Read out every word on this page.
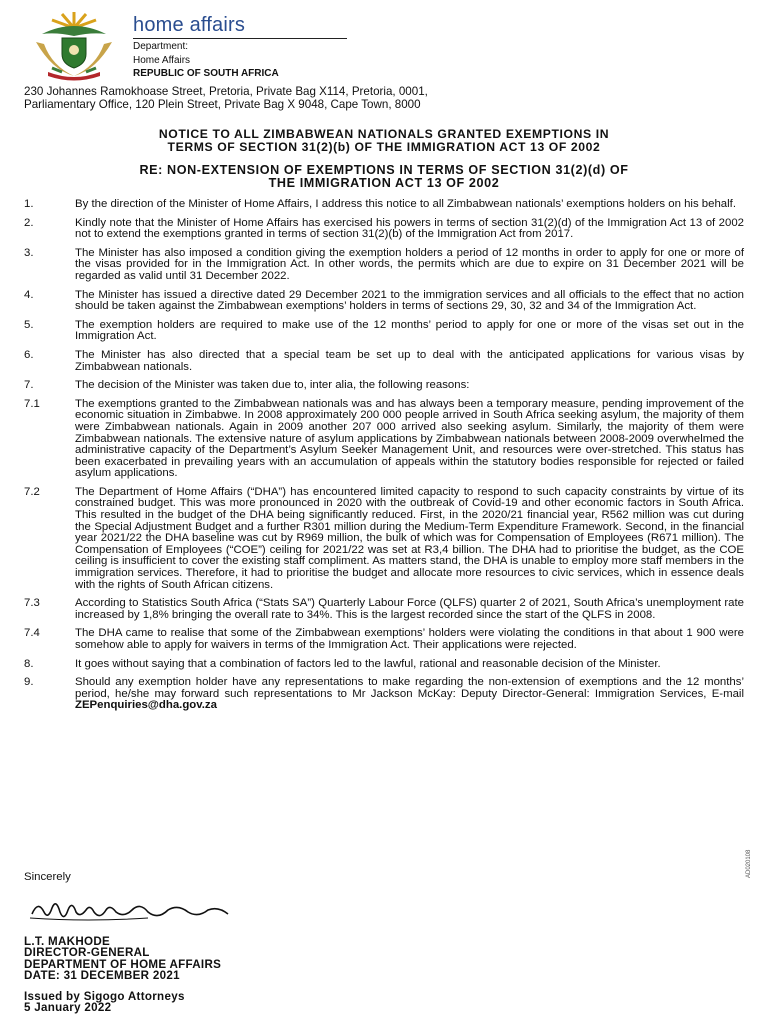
home affairs
Department:
Home Affairs
REPUBLIC OF SOUTH AFRICA
230 Johannes Ramokhoase Street, Pretoria, Private Bag X114, Pretoria, 0001,
Parliamentary Office, 120 Plein Street, Private Bag X 9048, Cape Town, 8000
NOTICE TO ALL ZIMBABWEAN NATIONALS GRANTED EXEMPTIONS IN
TERMS OF SECTION 31(2)(b) OF THE IMMIGRATION ACT 13 OF 2002
RE: NON-EXTENSION OF EXEMPTIONS IN TERMS OF SECTION 31(2)(d) OF
THE IMMIGRATION ACT 13 OF 2002
1.	By the direction of the Minister of Home Affairs, I address this notice to all Zimbabwean nationals’ exemptions holders on his behalf.
2.	Kindly note that the Minister of Home Affairs has exercised his powers in terms of section 31(2)(d) of the Immigration Act 13 of 2002 not to extend the exemptions granted in terms of section 31(2)(b) of the Immigration Act from 2017.
3.	The Minister has also imposed a condition giving the exemption holders a period of 12 months in order to apply for one or more of the visas provided for in the Immigration Act. In other words, the permits which are due to expire on 31 December 2021 will be regarded as valid until 31 December 2022.
4.	The Minister has issued a directive dated 29 December 2021 to the immigration services and all officials to the effect that no action should be taken against the Zimbabwean exemptions’ holders in terms of sections 29, 30, 32 and 34 of the Immigration Act.
5.	The exemption holders are required to make use of the 12 months’ period to apply for one or more of the visas set out in the Immigration Act.
6.	The Minister has also directed that a special team be set up to deal with the anticipated applications for various visas by Zimbabwean nationals.
7.	The decision of the Minister was taken due to, inter alia, the following reasons:
7.1	The exemptions granted to the Zimbabwean nationals was and has always been a temporary measure, pending improvement of the economic situation in Zimbabwe. In 2008 approximately 200 000 people arrived in South Africa seeking asylum, the majority of them were Zimbabwean nationals. Again in 2009 another 207 000 arrived also seeking asylum. Similarly, the majority of them were Zimbabwean nationals. The extensive nature of asylum applications by Zimbabwean nationals between 2008-2009 overwhelmed the administrative capacity of the Department’s Asylum Seeker Management Unit, and resources were over-stretched. This status has been exacerbated in prevailing years with an accumulation of appeals within the statutory bodies responsible for rejected or failed asylum applications.
7.2	The Department of Home Affairs (“DHA”) has encountered limited capacity to respond to such capacity constraints by virtue of its constrained budget. This was more pronounced in 2020 with the outbreak of Covid-19 and other economic factors in South Africa. This resulted in the budget of the DHA being significantly reduced. First, in the 2020/21 financial year, R562 million was cut during the Special Adjustment Budget and a further R301 million during the Medium-Term Expenditure Framework. Second, in the financial year 2021/22 the DHA baseline was cut by R969 million, the bulk of which was for Compensation of Employees (R671 million). The Compensation of Employees (“COE”) ceiling for 2021/22 was set at R3,4 billion. The DHA had to prioritise the budget, as the COE ceiling is insufficient to cover the existing staff compliment. As matters stand, the DHA is unable to employ more staff members in the immigration services. Therefore, it had to prioritise the budget and allocate more resources to civic services, which in essence deals with the rights of South African citizens.
7.3	According to Statistics South Africa (“Stats SA”) Quarterly Labour Force (QLFS) quarter 2 of 2021, South Africa’s unemployment rate increased by 1,8% bringing the overall rate to 34%. This is the largest recorded since the start of the QLFS in 2008.
7.4	The DHA came to realise that some of the Zimbabwean exemptions’ holders were violating the conditions in that about 1 900 were somehow able to apply for waivers in terms of the Immigration Act. Their applications were rejected.
8.	It goes without saying that a combination of factors led to the lawful, rational and reasonable decision of the Minister.
9.	Should any exemption holder have any representations to make regarding the non-extension of exemptions and the 12 months’ period, he/she may forward such representations to Mr Jackson McKay: Deputy Director-General: Immigration Services, E-mail ZEPenquiries@dha.gov.za
Sincerely	AD020108
L.T. MAKHODE
DIRECTOR-GENERAL
DEPARTMENT OF HOME AFFAIRS
DATE: 31 DECEMBER 2021
Issued by Sigogo Attorneys
5 January 2022
